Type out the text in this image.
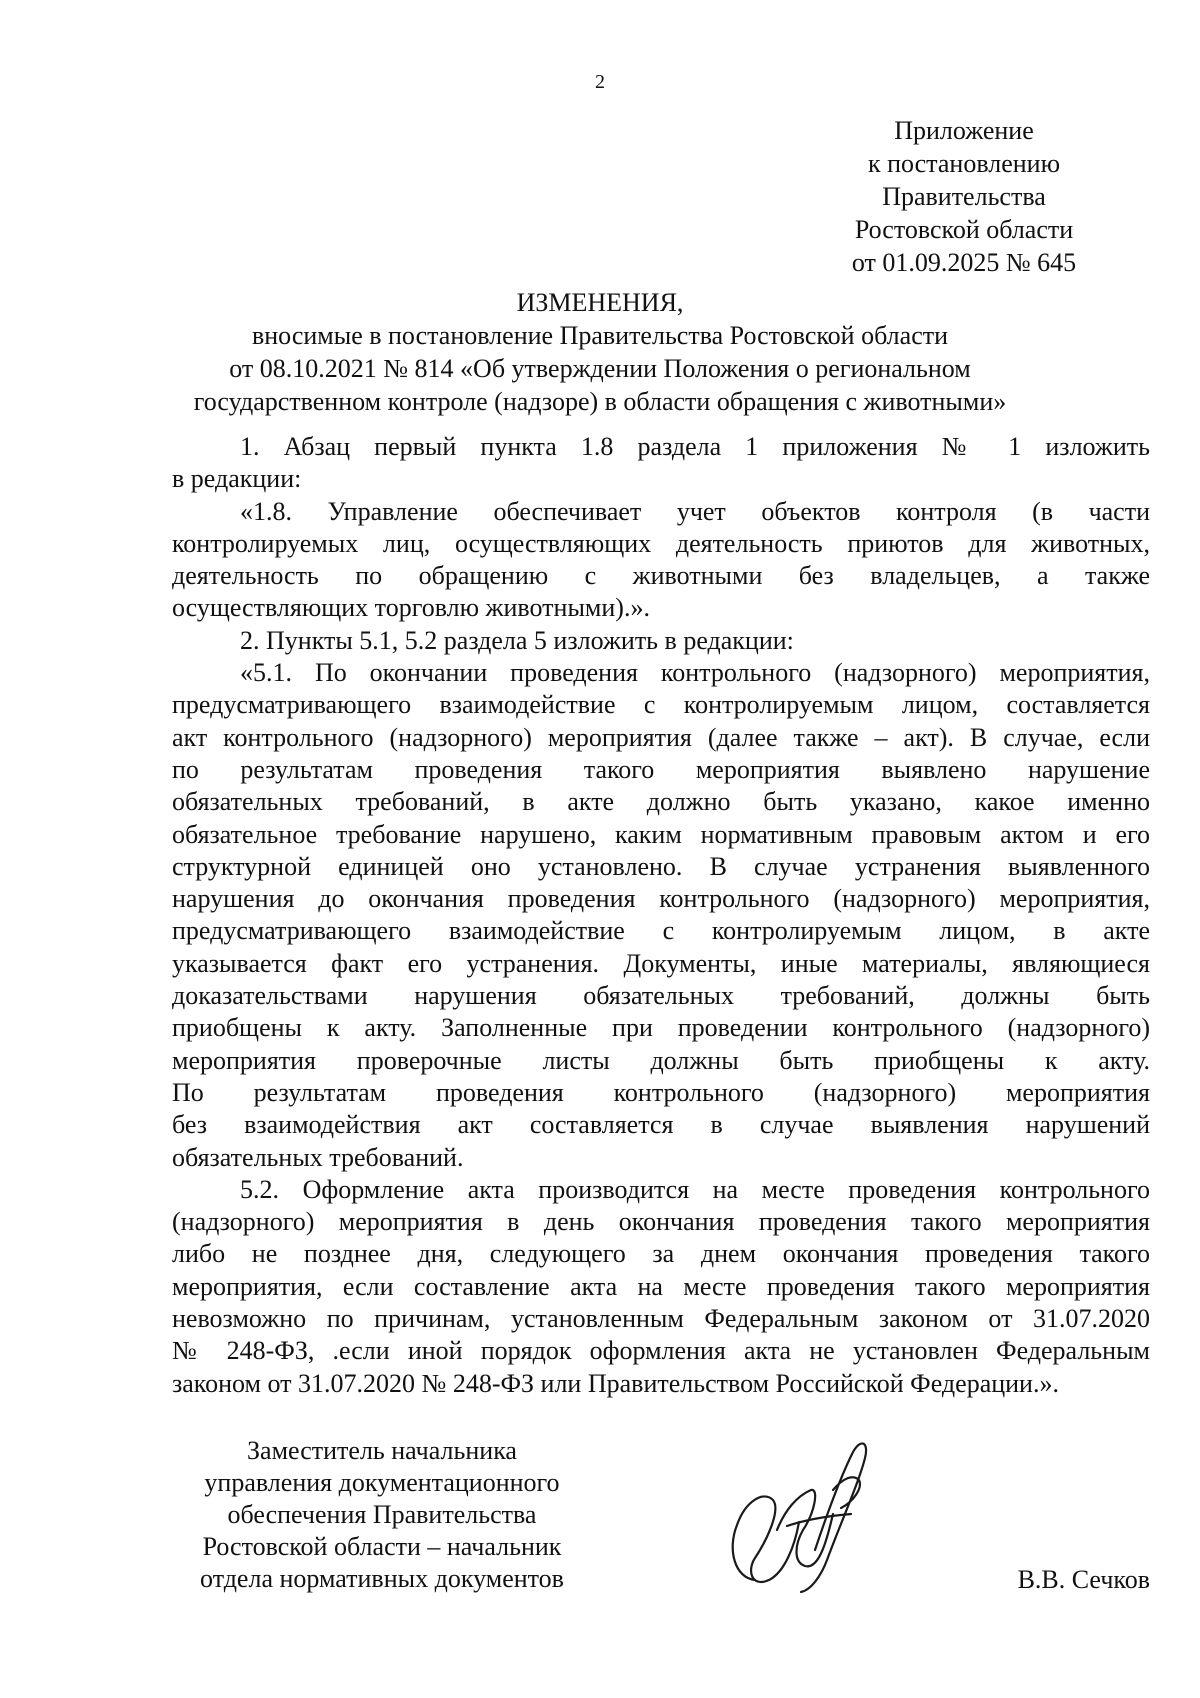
2
Приложение
к постановлению
Правительства
Ростовской области
от 01.09.2025 № 645
ИЗМЕНЕНИЯ,
вносимые в постановление Правительства Ростовской области
от 08.10.2021 № 814 «Об утверждении Положения о региональном
государственном контроле (надзоре) в области обращения с животными»
1. Абзац первый пункта 1.8 раздела 1 приложения № 1 изложить
в редакции:
«1.8. Управление обеспечивает учет объектов контроля (в части
контролируемых лиц, осуществляющих деятельность приютов для животных,
деятельность по обращению с животными без владельцев, а также
осуществляющих торговлю животными).».
2. Пункты 5.1, 5.2 раздела 5 изложить в редакции:
«5.1. По окончании проведения контрольного (надзорного) мероприятия,
предусматривающего взаимодействие с контролируемым лицом, составляется
акт контрольного (надзорного) мероприятия (далее также – акт). В случае, если
по результатам проведения такого мероприятия выявлено нарушение
обязательных требований, в акте должно быть указано, какое именно
обязательное требование нарушено, каким нормативным правовым актом и его
структурной единицей оно установлено. В случае устранения выявленного
нарушения до окончания проведения контрольного (надзорного) мероприятия,
предусматривающего взаимодействие с контролируемым лицом, в акте
указывается факт его устранения. Документы, иные материалы, являющиеся
доказательствами нарушения обязательных требований, должны быть
приобщены к акту. Заполненные при проведении контрольного (надзорного)
мероприятия проверочные листы должны быть приобщены к акту.
По результатам проведения контрольного (надзорного) мероприятия
без взаимодействия акт составляется в случае выявления нарушений
обязательных требований.
5.2. Оформление акта производится на месте проведения контрольного
(надзорного) мероприятия в день окончания проведения такого мероприятия
либо не позднее дня, следующего за днем окончания проведения такого
мероприятия, если составление акта на месте проведения такого мероприятия
невозможно по причинам, установленным Федеральным законом от 31.07.2020
№ 248-ФЗ, .если иной порядок оформления акта не установлен Федеральным
законом от 31.07.2020 № 248-ФЗ или Правительством Российской Федерации.».
Заместитель начальника
управления документационного
обеспечения Правительства
Ростовской области – начальник
отдела нормативных документов	В.В. Сечков
